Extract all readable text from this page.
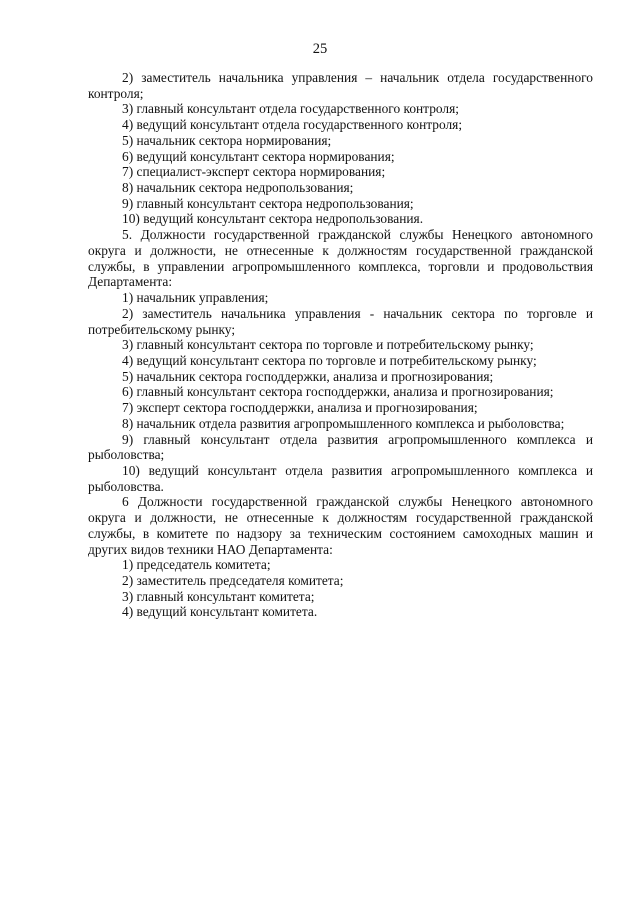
25

2) заместитель начальника управления – начальник отдела государственного контроля;

3) главный консультант отдела государственного контроля;

4) ведущий консультант отдела государственного контроля;

5) начальник сектора нормирования;

6) ведущий консультант сектора нормирования;

7) специалист-эксперт сектора нормирования;

8) начальник сектора недропользования;

9) главный консультант сектора недропользования;

10) ведущий консультант сектора недропользования.

5. Должности государственной гражданской службы Ненецкого автономного округа и должности, не отнесенные к должностям государственной гражданской службы, в управлении агропромышленного комплекса, торговли и продовольствия Департамента:

1) начальник управления;

2) заместитель начальника управления - начальник сектора по торговле и потребительскому рынку;

3) главный консультант сектора по торговле и потребительскому рынку;

4) ведущий консультант сектора по торговле и потребительскому рынку;

5) начальник сектора господдержки, анализа и прогнозирования;

6) главный консультант сектора господдержки, анализа и прогнозирования;

7) эксперт сектора господдержки, анализа и прогнозирования;

8) начальник отдела развития агропромышленного комплекса и рыболовства;

9) главный консультант отдела развития агропромышленного комплекса и рыболовства;

10) ведущий консультант отдела развития агропромышленного комплекса и рыболовства.

6 Должности государственной гражданской службы Ненецкого автономного округа и должности, не отнесенные к должностям государственной гражданской службы, в комитете по надзору за техническим состоянием самоходных машин и других видов техники НАО Департамента:

1) председатель комитета;

2) заместитель председателя комитета;

3) главный консультант комитета;

4) ведущий консультант комитета.
